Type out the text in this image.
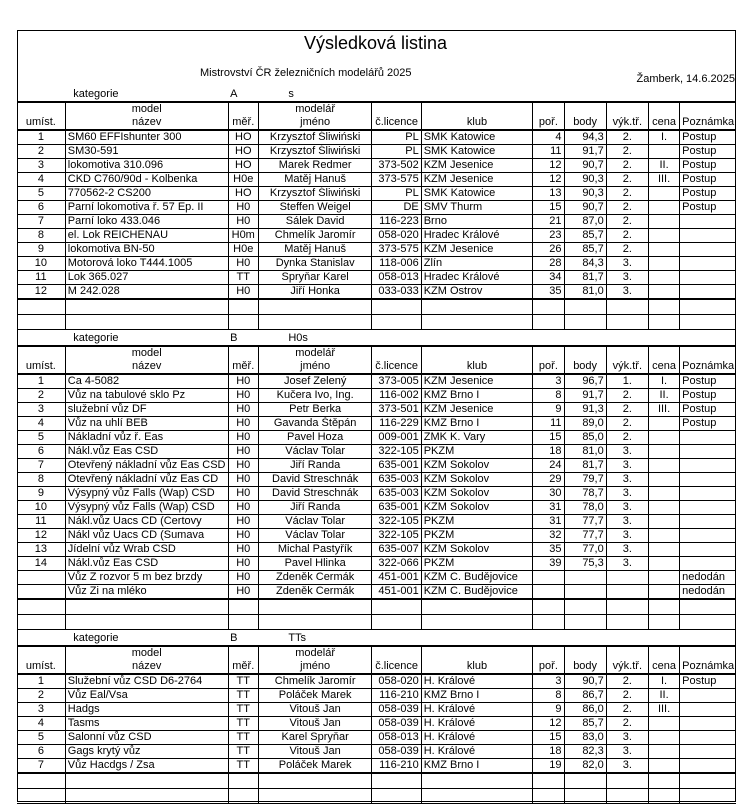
Výsledková listina
Mistrovství ČR železničních modelářů 2025	Žamberk, 14.6.2025
	kategorie	A	s							
	model		modelář							
umíst.	název	měř.	jméno	č.licence	klub	poř.	body	výk.tř.	cena	Poznámka
1	SM60 EFFIshunter 300	HO	Krzysztof Śliwiński	PL	SMK Katowice	4	94,3	2.	I.	Postup
2	SM30-591	HO	Krzysztof Śliwiński	PL	SMK Katowice	11	91,7	2.		Postup
3	lokomotiva 310.096	HO	Marek Redmer	373-502	KZM Jesenice	12	90,7	2.	II.	Postup
4	CKD C760/90d - Kolbenka	H0e	Matěj Hanuš	373-575	KZM Jesenice	12	90,3	2.	III.	Postup
5	770562-2 CS200	HO	Krzysztof Śliwiński	PL	SMK Katowice	13	90,3	2.		Postup
6	Parní lokomotiva ř. 57 Ep. II	H0	Steffen Weigel	DE	SMV Thurm	15	90,7	2.		Postup
7	Parní loko 433.046	H0	Sálek David	116-223	Brno	21	87,0	2.		
8	el. Lok REICHENAU	H0m	Chmelík Jaromír	058-020	Hradec Králové	23	85,7	2.		
9	lokomotiva BN-50	H0e	Matěj Hanuš	373-575	KZM Jesenice	26	85,7	2.		
10	Motorová loko T444.1005	H0	Dynka Stanislav	118-006	Zlín	28	84,3	3.		
11	Lok 365.027	TT	Spryňar Karel	058-013	Hradec Králové	34	81,7	3.		
12	M 242.028	H0	Jiří Honka	033-033	KZM Ostrov	35	81,0	3.		

	kategorie	B	H0s							
	model		modelář							
umíst.	název	měř.	jméno	č.licence	klub	poř.	body	výk.tř.	cena	Poznámka
1	Ca 4-5082	H0	Josef Zelený	373-005	KZM Jesenice	3	96,7	1.	I.	Postup
2	Vůz na tabulové sklo Pz	H0	Kučera Ivo, Ing.	116-002	KMZ Brno I	8	91,7	2.	II.	Postup
3	služební vůz DF	H0	Petr Berka	373-501	KZM Jesenice	9	91,3	2.	III.	Postup
4	Vůz na uhlí BEB	H0	Gavanda Štěpán	116-229	KMZ Brno I	11	89,0	2.		Postup
5	Nákladní vůz ř. Eas	H0	Pavel Hoza	009-001	ZMK K. Vary	15	85,0	2.		
6	Nákl.vůz Eas CSD	H0	Václav Tolar	322-105	PKZM	18	81,0	3.		
7	Otevřený nákladní vůz Eas CSD	H0	Jiří Randa	635-001	KZM Sokolov	24	81,7	3.		
8	Otevřený nákladní vůz Eas CD	H0	David Streschnák	635-003	KZM Sokolov	29	79,7	3.		
9	Výsypný vůz Falls (Wap) CSD	H0	David Streschnák	635-003	KZM Sokolov	30	78,7	3.		
10	Výsypný vůz Falls (Wap) CSD	H0	Jiří Randa	635-001	KZM Sokolov	31	78,0	3.		
11	Nákl.vůz Uacs CD (Certovy	H0	Václav Tolar	322-105	PKZM	31	77,7	3.		
12	Nákl vůz Uacs CD (Sumava	H0	Václav Tolar	322-105	PKZM	32	77,7	3.		
13	Jídelní vůz Wrab CSD	H0	Michal Pastyřík	635-007	KZM Sokolov	35	77,0	3.		
14	Nákl.vůz Eas CSD	H0	Pavel Hlinka	322-066	PKZM	39	75,3	3.		
	Vůz Z rozvor 5 m bez brzdy	H0	Zdeněk Cermák	451-001	KZM C. Budějovice					nedodán
	Vůz Zi na mléko	H0	Zdeněk Cermák	451-001	KZM C. Budějovice					nedodán

	kategorie	B	TTs							
	model		modelář							
umíst.	název	měř.	jméno	č.licence	klub	poř.	body	výk.tř.	cena	Poznámka
1	Služební vůz CSD D6-2764	TT	Chmelík Jaromír	058-020	H. Králové	3	90,7	2.	I.	Postup
2	Vůz Eal/Vsa	TT	Poláček Marek	116-210	KMZ Brno I	8	86,7	2.	II.	
3	Hadgs	TT	Vitouš Jan	058-039	H. Králové	9	86,0	2.	III.	
4	Tasms	TT	Vitouš Jan	058-039	H. Králové	12	85,7	2.		
5	Salonní vůz CSD	TT	Karel Spryňar	058-013	H. Králové	15	83,0	3.		
6	Gags krytý vůz	TT	Vitouš Jan	058-039	H. Králové	18	82,3	3.		
7	Vůz Hacdgs / Zsa	TT	Poláček Marek	116-210	KMZ Brno I	19	82,0	3.		
